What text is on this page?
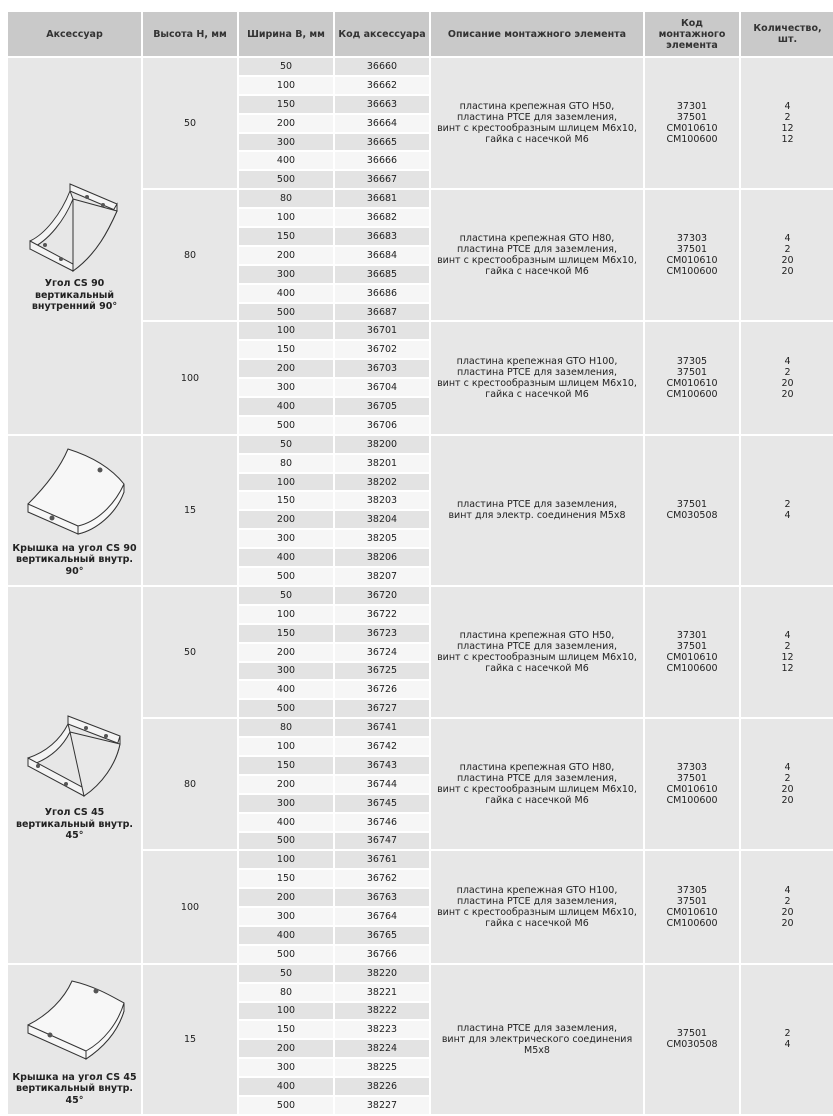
Аксессуар	Высота Н, мм	Ширина В, мм	Код аксессуара	Описание монтажного элемента	Код монтажного элемента	Количество, шт.

Угол CS 90 вертикальный внутренний 90°	50	50	36660	пластина крепежная GTO H50,
пластина PTCE для заземления,
винт с крестообразным шлицем M6x10,
гайка с насечкой M6	37301
37501
CM010610
CM100600	4
2
12
12
		100	36662			
		150	36663			
		200	36664			
		300	36665			
		400	36666			
		500	36667			
	80	80	36681	пластина крепежная GTO H80,
пластина PTCE для заземления,
винт с крестообразным шлицем M6x10,
гайка с насечкой M6	37303
37501
CM010610
CM100600	4
2
20
20
		100	36682			
		150	36683			
		200	36684			
		300	36685			
		400	36686			
		500	36687			
	100	100	36701	пластина крепежная GTO H100,
пластина PTCE для заземления,
винт с крестообразным шлицем M6x10,
гайка с насечкой M6	37305
37501
CM010610
CM100600	4
2
20
20
		150	36702			
		200	36703			
		300	36704			
		400	36705			
		500	36706			

Крышка на угол CS 90 вертикальный внутр. 90°	15	50	38200	пластина PTCE для заземления,
винт для электр. соединения M5x8	37501
CM030508	2
4
		80	38201			
		100	38202			
		150	38203			
		200	38204			
		300	38205			
		400	38206			
		500	38207			

Угол CS 45 вертикальный внутр. 45°	50	50	36720	пластина крепежная GTO H50,
пластина PTCE для заземления,
винт с крестообразным шлицем M6x10,
гайка с насечкой M6	37301
37501
CM010610
CM100600	4
2
12
12
		100	36722			
		150	36723			
		200	36724			
		300	36725			
		400	36726			
		500	36727			
	80	80	36741	пластина крепежная GTO H80,
пластина PTCE для заземления,
винт с крестообразным шлицем M6x10,
гайка с насечкой M6	37303
37501
CM010610
CM100600	4
2
20
20
		100	36742			
		150	36743			
		200	36744			
		300	36745			
		400	36746			
		500	36747			
	100	100	36761	пластина крепежная GTO H100,
пластина PTCE для заземления,
винт с крестообразным шлицем M6x10,
гайка с насечкой M6	37305
37501
CM010610
CM100600	4
2
20
20
		150	36762			
		200	36763			
		300	36764			
		400	36765			
		500	36766			

Крышка на угол CS 45 вертикальный внутр. 45°	15	50	38220	пластина PTCE для заземления,
винт для электрического соединения
M5x8	37501
CM030508	2
4
		80	38221			
		100	38222			
		150	38223			
		200	38224			
		300	38225			
		400	38226			
		500	38227			
